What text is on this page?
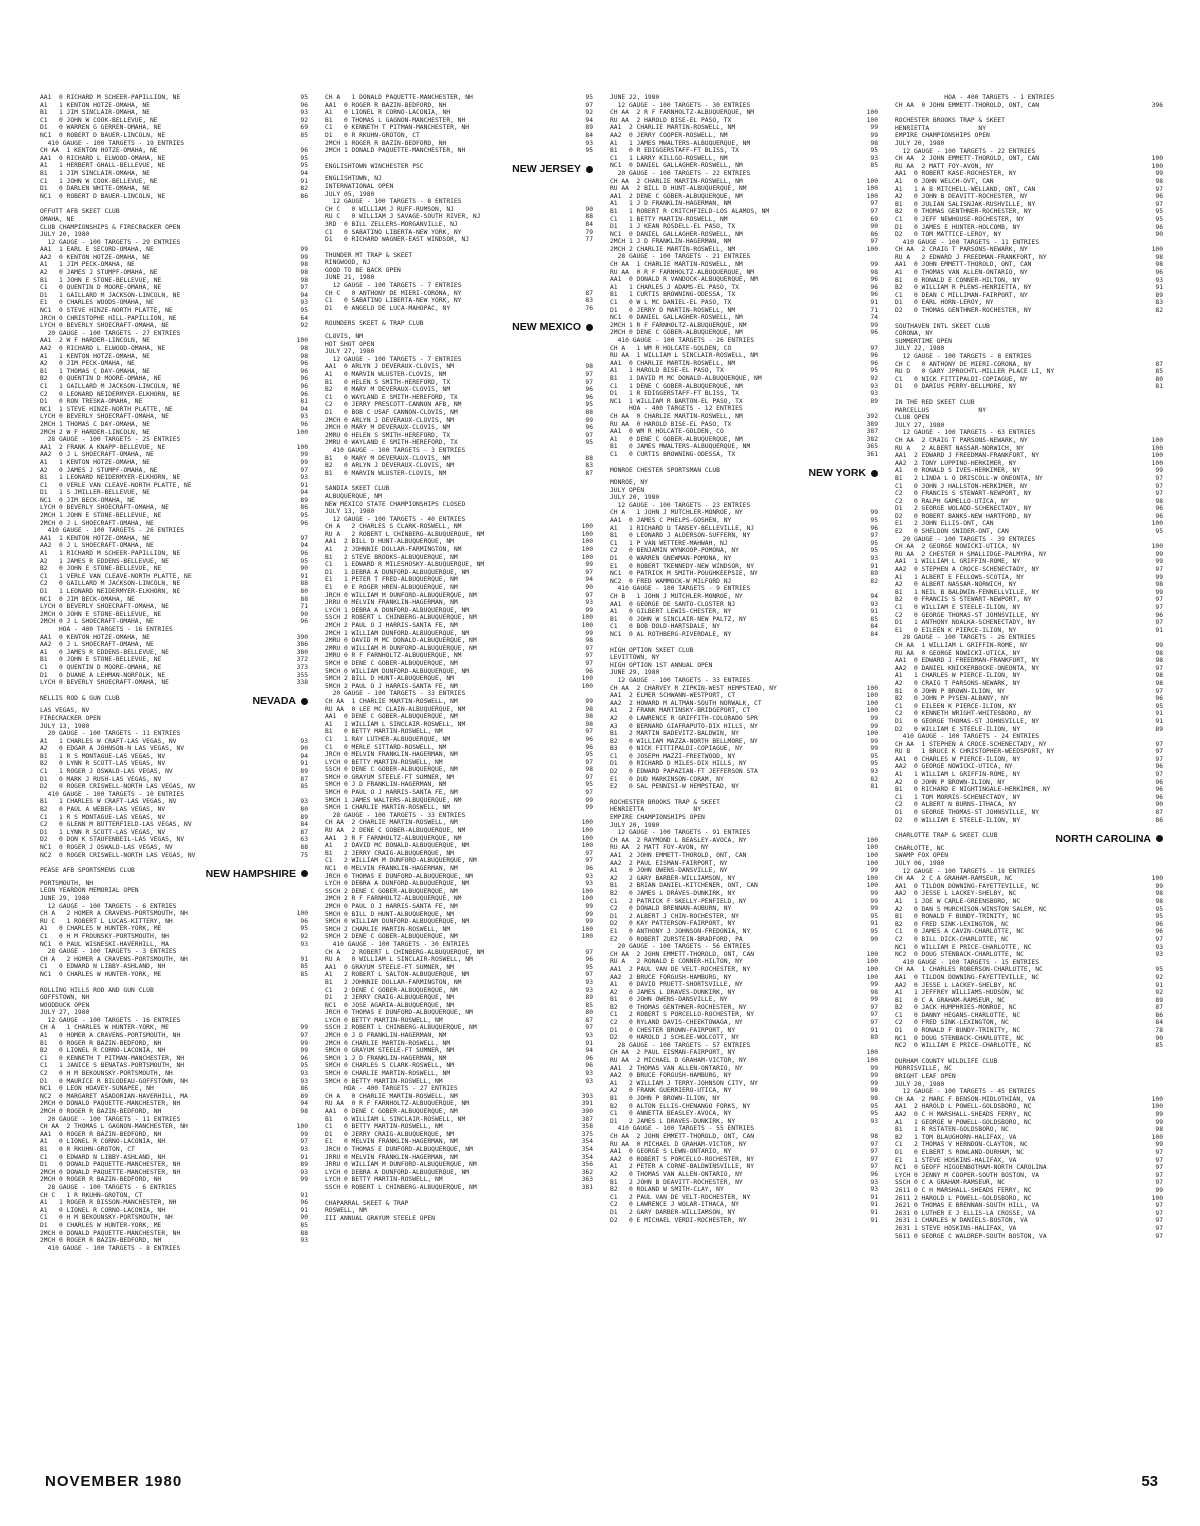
AA1  0 RICHARD M SCHEER-PAPILLION, NE	95
A1   1 KENTON HOTZE-OMAHA, NE	96
B1   1 JIM SINCLAIR-OMAHA, NE	93
C1   0 JOHN W COOK-BELLEVUE, NE	92
D1   0 WARREN G GERREN-OMAHA, NE	69
NC1  0 ROBERT D BAUER-LINCOLN, NE	85
410 GAUGE - 100 TARGETS - 19 ENTRIES
CH AA  1 KENTON HOTZE-OMAHA, NE	96
AA1  0 RICHARD L ELWOOD-OMAHA, NE	95
A1   1 HERBERT GHALL-BELLEVUE, NE	95
B1   1 JIM SINCLAIR-OMAHA, NE	94
C1   1 JOHN W COOK-BELLEVUE, NE	91
D1   0 DARLEN WHITE-OMAHA, NE	82
NC1  0 ROBERT D BAUER-LINCOLN, NE	86
OFFUTT AFB SKEET CLUB
OMAHA, NE
CLUB CHAMPIONSHIPS & FIRECRACKER OPEN
JULY 20, 1980
12 GAUGE - 100 TARGETS - 29 ENTRIES
AA1  1 EARL E SECORD-OMAHA, NE	99
AA2  0 KENTON HOTZE-OMAHA, NE	99
A1   1 JIM PECK-OMAHA, NE	98
A2   0 JAMES J STUMPF-OMAHA, NE	98
B1   1 JOHN E STONE-BELLEVUE, NE	98
C1   0 QUENTIN D MOORE-OMAHA, NE	97
D1   1 GAILLARD M JACKSON-LINCOLN, NE	94
E1   0 CHARLES WOODS-OMAHA, NE	93
NC1  0 STEVE HINZE-NORTH PLATTE, NE	95
JRCH 0 CHRISTOPHE HILL-PAPILLION, NE	64
LYCH 0 BEVERLY SHOECRAFT-OMAHA, NE	92
20 GAUGE - 100 TARGETS - 27 ENTRIES
AA1  2 W F HARDER-LINCOLN, NE	100
AA2  0 RICHARD L ELWOOD-OMAHA, NE	98
A1   1 KENTON HOTZE-OMAHA, NE	98
A2   0 JIM PECK-OMAHA, NE	96
B1   1 THOMAS C DAY-OMAHA, NE	96
B2   0 QUENTIN D MOORE-OMAHA, NE	96
C1   1 GAILLARD M JACKSON-LINCOLN, NE	96
C2   0 LEONARD NEIDERMYER-ELKHORN, NE	96
D1   0 RON TRESKA-OMAHA, NE	81
NC1  1 STEVE HINZE-NORTH PLATTE, NE	94
LYCH 0 BEVERLY SHOECRAFT-OMAHA, NE	93
2MCH 1 THOMAS C DAY-OMAHA, NE	96
2MCH 2 W F HARDER-LINCOLN, NE	100
28 GAUGE - 100 TARGETS - 25 ENTRIES
AA1  2 FRANK A KNAPP-BELLEVUE, NE	100
AA2  0 J L SHOECRAFT-OMAHA, NE	99
A1   1 KENTON HOTZE-OMAHA, NE	99
A2   0 JAMES J STUMPF-OMAHA, NE	97
B1   1 LEONARD NEIDERMYER-ELKHORN, NE	93
C1   0 VERLE VAN CLEAVE-NORTH PLATTE, NE	91
D1   1 S JMILLER-BELLEVUE, NE	94
NC1  0 JIM BECK-OMAHA, NE	89
LYCH 0 BEVERLY SHOECRAFT-OMAHA, NE	86
2MCH 1 JOHN E STONE-BELLEVUE, NE	95
2MCH 0 J L SHOECRAFT-OMAHA, NE	96
410 GAUGE - 100 TARGETS - 26 ENTRIES
AA1  1 KENTON HOTZE-OMAHA, NE	97
AA2  0 J L SHOECRAFT-OMAHA, NE	94
A1   1 RICHARD M SCHEER-PAPILLION, NE	96
A2   1 JAMES R EDDENS-BELLEVUE, NE	95
B2   0 JOHN E STONE-BELLEVUE, NE	90
C1   1 VERLE VAN CLEAVE-NORTH PLATTE, NE	91
C2   0 GAILLARD M JACKSON-LINCOLN, NE	88
D1   1 LEONARD NEIDERMYER-ELKHORN, NE	80
NC1  0 JIM BECK-OMAHA, NE	88
LYCH 0 BEVERLY SHOECRAFT-OMAHA, NE	71
2MCH 0 JOHN E STONE-BELLEVUE, NE	90
2MCH 0 J L SHOECRAFT-OMAHA, NE	96
HOA - 400 TARGETS - 16 ENTRIES
AA1  0 KENTON HOTZE-OMAHA, NE	390
AA2  0 J L SHOECRAFT-OMAHA, NE	386
A1   0 JAMES R EDDENS-BELLEVUE, NE	380
B1   0 JOHN E STONE-BELLEVUE, NE	372
C1   0 QUENTIN D MOORE-OMAHA, NE	373
D1   0 DUANE A LEHMAN-NORFOLK, NE	355
LYCH 0 BEVERLY SHOECRAFT-OMAHA, NE	338
NELLIS ROD & GUN CLUB	NEVADA
LAS VEGAS, NV
FIRECRACKER OPEN
JULY 13, 1980
20 GAUGE - 100 TARGETS - 11 ENTRIES
A1   1 CHARLES W CRAFT-LAS VEGAS, NV	93
A2   0 EDGAR A JOHNSON-N LAS VEGAS, NV	90
B1   1 R S MONTAGUE-LAS VEGAS, NV	94
B2   0 LYNN R SCOTT-LAS VEGAS, NV	91
C1   1 ROGER J OSWALD-LAS VEGAS, NV	89
D1   0 MARK J RUSH-LAS VEGAS, NV	87
D2   0 ROGER CRISWELL-NORTH LAS VEGAS, NV	85
410 GAUGE - 100 TARGETS - 10 ENTRIES
B1   1 CHARLES W CRAFT-LAS VEGAS, NV	93
B2   0 PAUL A WEBER-LAS VEGAS, NV	80
C1   1 R S MONTAGUE-LAS VEGAS, NV	89
C2   0 GLENN M BUTTERFIELD-LAS VEGAS, NV	84
D1   1 LYNN R SCOTT-LAS VEGAS, NV	87
D2   0 DON K STAUFENBEIL-LAS VEGAS, NV	63
NC1  0 ROGER J OSWALD-LAS VEGAS, NV	88
NC2  0 ROGER CRISWELL-NORTH LAS VEGAS, NV	75
PEASE AFB SPORTSMENS CLUB	NEW HAMPSHIRE
PORTSMOUTH, NH
LEON YEARDON MEMORIAL OPEN
JUNE 29, 1980
12 GAUGE - 100 TARGETS - 6 ENTRIES
CH A   2 HOMER A CRAVENS-PORTSMOUTH, NH	100
RU C   1 ROBERT L LUCAS-KITTERY, NH	96
A1   0 CHARLES W HUNTER-YORK, ME	95
C1   0 H M FROUNSKY-PORTSMOUTH, NH	92
NC1  0 PAUL WISNESKI-HAVERHILL, MA	93
28 GAUGE - 100 TARGETS - 3 ENTRIES
CH A   2 HOMER A CRAVENS-PORTSMOUTH, NH	91
C1   0 EDWARD N LIBBY-ASHLAND, NH	85
NC1  0 CHARLES W HUNTER-YORK, ME	85
ROLLING HILLS ROD AND GUN CLUB
GOFFSTOWN, NH
WOODDUCK OPEN
JULY 27, 1980
12 GAUGE - 100 TARGETS - 16 ENTRIES
CH A   1 CHARLES W HUNTER-YORK, ME	99
A1   0 HOMER A CRAVENS-PORTSMOUTH, NH	97
B1   0 ROGER R BAZIN-BEDFORD, NH	99
B2   0 LIONEL R CORNO-LACONIA, NH	99
C1   0 KENNETH T PITMAN-MANCHESTER, NH	96
C1   1 JANICE S BENATAS-PORTSMOUTH, NH	95
C2   0 H M BEKOUNSKY-PORTSMOUTH, NH	93
D1   0 MAURICE R BILODEAU-GOFFSTOWN, NH	93
NC1  0 LEON HOAVEY-SUNAPEE, NH	86
NC2  0 MARGARET ASADORIAN-HAVERHILL, MA	89
2MCH 0 DONALD PAQUETTE-MANCHESTER, NH	94
2MCH 0 ROGER R BAZIN-BEDFORD, NH	98
20 GAUGE - 100 TARGETS - 11 ENTRIES
CH AA  2 THOMAS L GAGNON-MANCHESTER, NH	100
AA1  0 ROGER R BAZIN-BEDFORD, NH	99
A1   0 LIONEL R CORNO-LACONIA, NH	97
B1   0 R RKUHN-GROTON, CT	93
C1   0 EDWARD N LIBBY-ASHLAND, NH	91
D1   0 DONALD PAQUETTE-MANCHESTER, NH	89
2MCH 0 DONALD PAQUETTE-MANCHESTER, NH	93
2MCH 0 ROGER R BAZIN-BEDFORD, NH	99
28 GAUGE - 100 TARGETS - 6 ENTRIES
CH C   1 R RKUHN-GROTON, CT	91
A1   1 ROGER R BISSON-MANCHESTER, NH	96
A1   0 LIONEL R CORNO-LACONIA, NH	91
C1   0 H M BEKOUNSKY-PORTSMOUTH, NH	90
D1   0 CHARLES W HUNTER-YORK, ME	85
2MCH 0 DONALD PAQUETTE-MANCHESTER, NH	88
2MCH 0 ROGER R BAZIN-BEDFORD, NH	93
410 GAUGE - 100 TARGETS - 8 ENTRIES
CH A   1 DONALD PAQUETTE-MANCHESTER, NH	95
AA1  0 ROGER R BAZIN-BEDFORD, NH	97
A1   0 LIONEL R CORNO-LACONIA, NH	92
B1   0 THOMAS L GAGNON-MANCHESTER, NH	94
C1   0 KENNETH T PITMAN-MANCHESTER, NH	89
D1   0 R RKUHN-GROTON, CT	84
2MCH 1 ROGER R BAZIN-BEDFORD, NH	93
2MCH 1 DONALD PAQUETTE-MANCHESTER, NH	95
ENGLISHTOWN WINCHESTER PSC	NEW JERSEY
ENGLISHTOWN, NJ
INTERNATIONAL OPEN
JULY 05, 1980
12 GAUGE - 100 TARGETS - 8 ENTRIES
CH C   0 WILLIAM J RUFF-RUMSON, NJ	90
RU C   0 WILLIAM J SAVAGE-SOUTH RIVER, NJ	88
3RD  0 BILL ZELLERS-MORGANVILLE, NJ	84
C1   0 SABATINO LIBERTA-NEW YORK, NY	79
D1   0 RICHARD WAGNER-EAST WINDSOR, NJ	77
THUNDER MT TRAP & SKEET
RINGWOOD, NJ
GOOD TO BE BACK OPEN
JUNE 21, 1980
12 GAUGE - 100 TARGETS - 7 ENTRIES
CH C   0 ANTHONY DE MIERI-CORONA, NY	87
C1   0 SABATINO LIBERTA-NEW YORK, NY	83
D1   0 ANGELO DE LUCA-MAHOPAC, NY	76
ROUNDERS SKEET & TRAP CLUB	NEW MEXICO
CLOVIS, NM
HOT SHOT OPEN
JULY 27, 1980
12 GAUGE - 100 TARGETS - 7 ENTRIES
AA1  0 ARLYN J DEVERAUX-CLOVIS, NM	98
A1   0 MARVIN WLUSTER-CLOVIS, NM	97
B1   0 HELEN S SMITH-HEREFORD, TX	97
B2   0 MARY M DEVERAUX-CLOVIS, NM	96
C1   0 WAYLAND E SMITH-HEREFORD, TX	96
C2   0 JERRY PRESCOTT-CANNON AFB, NM	95
D1   0 BOB C USAF CANNON-CLOVIS, NM	88
2MCH 0 ARLYN J DEVERAUX-CLOVIS, NM	99
2MCH 0 MARY M DEVERAUX-CLOVIS, NM	96
2MRU 0 HELEN S SMITH-HEREFORD, TX	97
2MRU 0 WAYLAND E SMITH-HEREFORD, TX	95
410 GAUGE - 100 TARGETS - 3 ENTRIES
B1   0 MARY M DEVERAUX-CLOVIS, NM	88
B2   0 ARLYN J DEVERAUX-CLOVIS, NM	83
B1   0 MARVIN WLUSTER-CLOVIS, NM	87
SANDIA SKEET CLUB
ALBUQUERQUE, NM
NEW MEXICO STATE CHAMPIONSHIPS CLOSED
JULY 13, 1980
12 GAUGE - 100 TARGETS - 40 ENTRIES
CH A   2 CHARLES S CLARK-ROSWELL, NM	100
RU A   2 ROBERT L CHINBERG-ALBUQUERQUE, NM	100
AA1  2 BILL D HUNT-ALBUQUERQUE, NM	100
A1   2 JOHNNIE DOLLAR-FARMINGTON, NM	100
B1   2 STEVE BROOKS-ALBUQUERQUE, NM	100
C1   1 EDWARD R MILESHOSKY-ALBUQUERQUE, NM	99
D1   1 DEBRA A DUNFORD-ALBUQUERQUE, NM	97
E1   1 PETER T FRED-ALBUQUERQUE, NM	94
E1   0 E ROGER HREN-ALBUQUERQUE, NM	90
JRCH 0 WILLIAM M DUNFORD-ALBUQUERQUE, NM	97
JRRU 0 MELVIN FRANKLIN-HAGERMAN, NM	93
LYCH 1 DEBRA A DUNFORD-ALBUQUERQUE, NM	99
SSCH 2 ROBERT L CHINBERG-ALBUQUERQUE, NM	100
2MCH 2 PAUL O J HARRIS-SANTA FE, NM	100
2MCH 1 WILLIAM DUNFORD-ALBUQUERQUE, NM	99
2MRU 0 DAVID M MC DONALD-ALBUQUERQUE, NM	98
2MRU 0 WILLIAM M DUNFORD-ALBUQUERQUE, NM	97
2MRU 0 R F FARNHOLTZ-ALBUQUERQUE, NM	97
5MCH 0 DENE C GOBER-ALBUQUERQUE, NM	97
5MCH 0 WILLIAM DUNFORD-ALBUQUERQUE, NM	96
5MCH 2 BILL D HUNT-ALBUQUERQUE, NM	100
5MCH 2 PAUL O J HARRIS-SANTA FE, NM	100
20 GAUGE - 100 TARGETS - 33 ENTRIES
CH AA  1 CHARLIE MARTIN-ROSWELL, NM	99
RU AA  0 LEE MC CLAIN-ALBUQUERQUE, NM	98
AA1  0 DENE C GOBER-ALBUQUERQUE, NM	98
A1   1 WILLIAM L SINCLAIR-ROSWELL, NM	98
B1   0 BETTY MARTIN-ROSWELL, NM	97
C1   1 RAY LUTHER-ALBUQUERQUE, NM	96
C1   0 MERLE SITTARD-ROSWELL, NM	96
JRCH 0 MELVIN FRANKLIN-HAGERMAN, NM	95
LYCH 0 BETTY MARTIN-ROSWELL, NM	97
SSCH 0 DENE C GOBER-ALBUQUERQUE, NM	98
5MCH 0 GRAYUM STEELE-FT SUMNER, NM	97
5MCH 0 J D FRANKLIN-HAGERMAN, NM	95
5MCH 0 PAUL O J HARRIS-SANTA FE, NM	97
5MCH 1 JAMES WALTERS-ALBUQUERQUE, NM	99
5MCH 1 CHARLIE MARTIN-ROSWELL, NM	99
28 GAUGE - 100 TARGETS - 33 ENTRIES
CH AA  2 CHARLIE MARTIN-ROSWELL, NM	100
RU AA  2 DENE C GOBER-ALBUQUERQUE, NM	100
AA1  2 R F FARNHOLTZ-ALBUQUERQUE, NM	100
A1   2 DAVID MC DONALD-ALBUQUERQUE, NM	100
B1   2 JERRY CRAIG-ALBUQUERQUE, NM	97
C1   2 WILLIAM M DUNFORD-ALBUQUERQUE, NM	97
NC1  0 MELVIN FRANKLIN-HAGERMAN, NM	96
JRCH 0 THOMAS E DUNFORD-ALBUQUERQUE, NM	93
LYCH 0 DEBRA A DUNFORD-ALBUQUERQUE, NM	93
SSCH 2 DENE C GOBER-ALBUQUERQUE, NM	100
2MCH 2 R F FARNHOLTZ-ALBUQUERQUE, NM	100
2MCH 0 PAUL O J HARRIS-SANTA FE, NM	99
5MCH 0 BILL D HUNT-ALBUQUERQUE, NM	99
5MCH 0 WILLIAM DUNFORD-ALBUQUERQUE, NM	99
5MCH 2 CHARLIE MARTIN-ROSWELL, NM	100
5MCH 2 DENE C GOBER-ALBUQUERQUE, NM	100
410 GAUGE - 100 TARGETS - 30 ENTRIES
CH A   2 ROBERT L CHINBERG-ALBUQUERQUE, NM	97
RU A   0 WILLIAM L SINCLAIR-ROSWELL, NM	96
AA1  0 GRAYUM STEELE-FT SUMNER, NM	95
A1   2 ROBERT L SALTON-ALBUQUERQUE, NM	97
B1   2 JOHNNIE DOLLAR-FARMINGTON, NM	93
C1   2 DENE C GOBER-ALBUQUERQUE, NM	93
D1   2 JERRY CRAIG-ALBUQUERQUE, NM	89
NC1  0 JOSE AGARIA-ALBUQUERQUE, NM	85
JRCH 0 THOMAS E DUNFORD-ALBUQUERQUE, NM	80
LYCH 0 BETTY MARTIN-ROSWELL, NM	87
SSCH 2 ROBERT L CHINBERG-ALBUQUERQUE, NM	97
2MCH 0 J D FRANKLIN-HAGERMAN, NM	93
2MCH 0 CHARLIE MARTIN-ROSWELL, NM	91
5MCH 0 GRAYUM STEELE-FT SUMNER, NM	94
5MCH 1 J D FRANKLIN-HAGERMAN, NM	96
5MCH 0 CHARLES S CLARK-ROSWELL, NM	96
5MCH 0 CHARLIE MARTIN-ROSWELL, NM	93
5MCH 0 BETTY MARTIN-ROSWELL, NM	93
HOA - 400 TARGETS - 27 ENTRIES
CH A   0 CHARLIE MARTIN-ROSWELL, NM	393
RU AA  0 R F FARNHOLTZ-ALBUQUERQUE, NM	391
AA1  0 DENE C GOBER-ALBUQUERQUE, NM	390
B1   0 WILLIAM L SINCLAIR-ROSWELL, NM	387
C1   0 BETTY MARTIN-ROSWELL, NM	358
D1   0 JERRY CRAIG-ALBUQUERQUE, NM	375
E1   0 MELVIN FRANKLIN-HAGERMAN, NM	354
JRCH 0 THOMAS E DUNFORD-ALBUQUERQUE, NM	354
JRRU 0 MELVIN FRANKLIN-HAGERMAN, NM	354
JRRU 0 WILLIAM M DUNFORD-ALBUQUERQUE, NM	356
LYCH 0 DEBRA A DUNFORD-ALBUQUERQUE, NM	362
LYCH 0 BETTY MARTIN-ROSWELL, NM	363
SSCH 0 ROBERT L CHINBERG-ALBUQUERQUE, NM	381
CHAPARRAL SKEET & TRAP
ROSWELL, NM
III ANNUAL GRAYUM STEELE OPEN
JUNE 22, 1980
12 GAUGE - 100 TARGETS - 30 ENTRIES
CH AA  2 R F FARNHOLTZ-ALBUQUERQUE, NM	100
RU AA  2 HAROLD BISE-EL PASO, TX	100
AA1  2 CHARLIE MARTIN-ROSWELL, NM	99
AA2  0 JERRY COOPER-ROSWELL, NM	99
A1   1 JAMES MWALTERS-ALBUQUERQUE, NM	98
B1   0 R EDIGGERSTAFF-FT BLISS, TX	95
C1   1 LARRY KILLGO-ROSWELL, NM	93
NC1  0 DANIEL GALLAGHER-ROSWELL, NM	85
20 GAUGE - 100 TARGETS - 22 ENTRIES
CH AA  2 CHARLIE MARTIN-ROSWELL, NM	100
RU AA  2 BILL D HUNT-ALBUQUERQUE, NM	100
AA1  2 DENE C GOBER-ALBUQUERQUE, NM	100
A1   1 J D FRANKLIN-HAGERMAN, NM	97
B1   1 ROBERT R CRITCHFIELD-LOS ALAMOS, NM	97
C1   1 BETTY MARTIN-ROSWELL, NM	69
D1   1 J KEAN ROSDELL-EL PASO, TX	90
NC1  0 DANIEL GALLAGHER-ROSWELL, NM	86
2MCH 1 J D FRANKLIN-HAGERMAN, NM	97
2MCH 2 CHARLIE MARTIN-ROSWELL, NM	100
28 GAUGE - 100 TARGETS - 21 ENTRIES
CH AA  1 CHARLIE MARTIN-ROSWELL, NM	99
RU AA  0 R F FARNHOLTZ-ALBUQUERQUE, NM	98
AA1  0 DONALD R VANDOCK-ALBUQUERQUE, NM	96
A1   1 CHARLES J ADAMS-EL PASO, TX	96
B1   1 CURTIS BROWNING-ODESSA, TX	96
C1   0 W L MC DANIEL-EL PASO, TX	91
D1   0 JERRY D MARTIN-ROSWELL, NM	71
NC1  0 DANIEL GALLAGHER-ROSWELL, NM	74
2MCH 1 R F FARNHOLTZ-ALBUQUERQUE, NM	99
2MCH 0 DENE C GOBER-ALBUQUERQUE, NM	96
410 GAUGE - 100 TARGETS - 26 ENTRIES
CH A   1 WM R HOLCATE-GOLDEN, CO	97
RU AA  1 WILLIAM L SINCLAIR-ROSWELL, NM	96
AA1  0 CHARLIE MARTIN-ROSWELL, NM	96
A1   1 HAROLD BISE-EL PASO, TX	95
B1   1 DAVID M MC DONALD-ALBUQUERQUE, NM	92
C1   1 DENE C GOBER-ALBUQUERQUE, NM	93
D1   1 R EDIGGERSTAFF-FT BLISS, TX	93
NC1  1 WILLIAM R BARTON-EL PASO, TX	89
HOA - 400 TARGETS - 12 ENTRIES
CH AA  0 CHARLIE MARTIN-ROSWELL, NM	392
RU AA  0 HAROLD BISE-EL PASO, TX	389
AA1  0 WM R HOLCATE-GOLDEN, CO	387
A1   0 DENE C GOBER-ALBUQUERQUE, NM	382
B1   0 JAMES MWALTERS-ALBUQUERQUE, NM	365
C1   0 CURTIS BROWNING-ODESSA, TX	361
MONROE CHESTER SPORTSMAN CLUB	NEW YORK
MONROE, NY
JULY OPEN
JULY 20, 1980
12 GAUGE - 100 TARGETS - 23 ENTRIES
CH A   1 JOHN J MUTCHLER-MONROE, NY	99
AA1  0 JAMES C PHELPS-GOSHEN, NY	95
A1   1 RICHARD U TANSEY-BELLEVILLE, NJ	96
B1   0 LEONARD J ALDERSON-SUFFERN, NY	97
C1   1 P VAN WETTERE-MAHWAH, NJ	95
C2   0 BENJAMIN WYNKOOP-POMONA, NY	95
D1   0 WARREN GNEWMAN-POMONA, NY	93
E1   0 ROBERT TKENNEDY-NEW WINDSOR, NY	91
NC1  0 PATRICK M SMITH-POUGHKEEPSIE, NY	89
NC2  0 FRED WAMMOCK-W MILFORD NJ	82
410 GAUGE - 100 TARGETS - 9 ENTRIES
CH B   1 JOHN J MUTCHLER-MONROE, NY	94
AA1  0 GEORGE DE SANTO-CLOSTER NJ	93
A1   0 GILBERT LEWIS-CHESTER, NY	91
B1   0 JOHN W SINCLAIR-NEW PALTZ, NY	85
C1   0 BOB DOLD-HARTSDALE, NY	84
NC1  0 AL ROTHBERG-RIVERDALE, NY	84
HIGH OPTION SKEET CLUB
LEVITTOWN, NY
HIGH OPTION 1ST ANNUAL OPEN
JUNE 29, 1980
12 GAUGE - 100 TARGETS - 33 ENTRIES
CH AA  2 CHARVEY R ZIPKIN-WEST HEMPSTEAD, NY	100
AA1  2 ELMER SCHWANN-WESTPORT, CT	100
AA2  2 HOWARD M ALTMAN-SOUTH NORWALK, CT	100
A1   2 FRANK MARTINSKY-BRIDGEPORT, CT	100
A2   0 LAWRENCE R GRIFFITH-COLORADO SPR	99
A3   0 BERNARD GIAFRAPUTO-DIX HILLS, NY	99
B1   2 MARTIN BADEVITZ-BALDWIN, NY	100
B2   0 WILLIAM MAZZA-NORTH BELLMORE, NY	99
B3   0 NICK FITTIPALDI-COPIAGUE, NY	99
C1   0 JOSEPH MAZZI-FREETWOOD, NY	95
D1   0 RICHARD D MILES-DIX HILLS, NY	95
D2   0 EDWARD PAPAZIAN-FT JEFFERSON STA	93
E1   0 DUD MARKINSON-CORAM, NY	82
E2   0 SAL PENNISI-W HEMPSTEAD, NY	81
ROCHESTER BROOKS TRAP & SKEET
HENRIETTA             NY
EMPIRE CHAMPIONSHIPS OPEN
JULY 20, 1980
12 GAUGE - 100 TARGETS - 91 ENTRIES
CH AA  2 RAYMOND L BEASLEY-AVOCA, NY	100
RU AA  2 MATT FOY-AVON, NY	100
AA1  2 JOHN EMMETT-THOROLD, ONT, CAN	100
AA2  2 PAUL EISMAN-FAIRPORT, NY	100
A1   0 JOHN OWENS-DANSVILLE, NY	99
A2   2 GARY BARBER-WILLIAMSON, NY	100
B1   2 BRIAN DANIEL-KITCHENER, ONT, CAN	100
B2   0 JAMES L DRAVES-DUNKIRK, NY	99
C1   2 PATRICK F SKELLY-PENFIELD, NY	99
C2   0 DONALD BRENNAN-AUBURN, NY	99
D1   2 ALBERT J CHIN-ROCHESTER, NY	95
D2   0 KAY PATTERSON-FAIRPORT, NY	91
E1   0 ANTHONY J JOHNSON-FREDONIA, NY	95
E2   0 ROBERT ZURSTEIN-BRADFORD, PA	90
20 GAUGE - 100 TARGETS - 56 ENTRIES
CH AA  2 JOHN EMMETT-THOROLD, ONT, CAN	100
RU A   2 RONALD E CONNER-HILTON, NY	100
AA1  2 PAUL VAN DE VELT-ROCHESTER, NY	100
AA2  2 BRUCE FORGUSH-HAMBURG, NY	100
A1   0 DAVID PRUETT-SHORTSVILLE, NY	99
A2   0 JAMES L DRAVES-DUNKIRK, NY	98
B1   0 JOHN OWENS-DANSVILLE, NY	99
B2   0 THOMAS GENTHNER-ROCHESTER, NY	97
C1   2 ROBERT S PORCELLO-ROCHESTER, NY	97
C2   0 RYLAND DAVIS-CHEEKTOWAGA, NY	97
D1   0 CHESTER BROWN-FAIRPORT, NY	91
D2   0 HAROLD J SCHLEE-WOLCOTT, NY	89
28 GAUGE - 100 TARGETS - 57 ENTRIES
CH AA  2 PAUL EISMAN-FAIRPORT, NY	100
RU AA  2 MICHAEL D GRAHAM-VICTOR, NY	100
AA1  2 THOMAS VAN ALLEN-ONTARIO, NY	99
AA2  0 BRUCE FORGUSH-HAMBURG, NY	99
A1   2 WILLIAM J TERRY-JOHNSON CITY, NY	99
A2   0 FRANK GUERRIERO-UTICA, NY	98
B1   0 JOHN P BROWN-ILION, NY	98
B2   0 ALTON ELLIS-CHENANGO FORKS, NY	95
C1   0 ANNETTA BEASLEY-AVOCA, NY	95
D1   2 JAMES L DRAVES-DUNKIRK, NY	93
410 GAUGE - 100 TARGETS - 55 ENTRIES
CH AA  2 JOHN EMMETT-THOROLD, ONT, CAN	98
RU AA  0 MICHAEL D GRAHAM-VICTOR, NY	97
AA1  0 GEORGE S LEWN-ONTARIO, NY	97
AA2  0 ROBERT S PORCELLO-ROCHESTER, NY	97
A1   2 PETER A CORNE-BALDWINSVILLE, NY	97
A2   0 THOMAS VAN ALLEN-ONTARIO, NY	96
B1   2 JOHN B DEAVITT-ROCHESTER, NY	93
B2   0 ROLAND W SMITH-CLAY, NY	93
C1   2 PAUL VAN DE VELT-ROCHESTER, NY	91
C2   0 LAWRENCE J WOLAR-ITHACA, NY	91
D1   2 GARY DARBER-WILLIAMSON, NY	91
D2   0 E MICHAEL VERDI-ROCHESTER, NY	91
HOA - 400 TARGETS - 1 ENTRIES
CH AA  0 JOHN EMMETT-THOROLD, ONT, CAN	396
ROCHESTER BROOKS TRAP & SKEET
HENRIETTA             NY
EMPIRE CHAMPIONSHIPS OPEN
JULY 20, 1980
12 GAUGE - 100 TARGETS - 22 ENTRIES
CH AA  2 JOHN EMMETT-THOROLD, ONT, CAN	100
RU AA  2 MATT FOY-AVON, NY	100
AA1  0 ROBERT KASE-ROCHESTER, NY	99
A1   0 JOHN WELCH-OVT, CAN	98
A1   1 A B MITCHELL-WELLAND, ONT, CAN	97
A2   0 JOHN B DEAVITT-ROCHESTER, NY	96
B1   0 JULIAN SALISNJAK-RUSHVILLE, NY	97
B2   0 THOMAS GENTHNER-ROCHESTER, NY	95
C1   0 JEFF NEWHOUSE-ROCHESTER, NY	95
D1   0 JAMES E HUNTER-HOLCOMB, NY	96
D2   0 TOM MATTICE-LEROY, NY	90
410 GAUGE - 100 TARGETS - 11 ENTRIES
CH AA  2 CRAIG T PARSONS-NEWARK, NY	100
RU A   2 EDWARD J FREEDMAN-FRANKFORT, NY	98
AA1  0 JOHN EMMETT-THOROLD, ONT, CAN	98
A1   0 THOMAS VAN ALLEN-ONTARIO, NY	96
B1   0 RONALD E CONNER-HILTON, NY	93
B2   0 WILLIAM R PLEWS-HENRIETTA, NY	91
C1   0 DEAN C MILLIMAN-FAIRPORT, NY	89
D1   0 EARL HORN-LEROY, NY	83
D2   0 THOMAS GENTHNER-ROCHESTER, NY	82
SOUTHAVEN INTL SKEET CLUB
CORONA, NY
SUMMERTIME OPEN
JULY 22, 1980
12 GAUGE - 100 TARGETS - 8 ENTRIES
CH C   0 ANTHONY DE MIERI-CORONA, NY	87
RU D   0 GARY JPROCHTL-MILLER PLACE LI, NY	85
C1   0 NICK FITTIPALDI-COPIAGUE, NY	80
D1   0 DARIUS PERRY-BELLMORE, NY	81
IN THE RED SKEET CLUB
MARCELLUS             NY
CLUB OPEN
JULY 27, 1980
12 GAUGE - 100 TARGETS - 63 ENTRIES
CH AA  2 CRAIG T PARSONS-NEWARK, NY	100
RU A   2 ALBERT NASSAR-NORWICH, NY	100
AA1  2 EDWARD J FREEDMAN-FRANKFORT, NY	100
AA2  2 TONY LUPPINO-HERKIMER, NY	100
A1   0 RONALD S IVES-HERKIMER, NY	99
B1   2 LINDA L O DRISCOLL-W ONEONTA, NY	97
C1   0 JOHN J HALLSTON-HERKIMER, NY	97
C2   0 FRANCIS S STEWART-NEWPORT, NY	97
C2   0 RALPH GAMELLO-UTICA, NY	98
D1   2 GEORGE WOLADD-SCHENECTADY, NY	96
D2   0 ROBERT BANKS-NEW HARTFORD, NY	96
E1   2 JOHN ELLIS-ONT, CAN	100
E2   0 SHELDON SNIDER-ONT, CAN	95
20 GAUGE - 100 TARGETS - 39 ENTRIES
CH AA  2 GEORGE NOWICKI-UTICA, NY	100
RU AA  2 CHESTER H SMALLIDGE-PALMYRA, NY	99
AA1  1 WILLIAM L GRIFFIN-ROME, NY	99
AA2  0 STEPHEN A CROCE-SCHENECTADY, NY	97
A1   1 ALBERT E FELLOWS-SCOTIA, NY	99
A2   0 ALBERT NASSAR-NORWICH, NY	98
B1   1 NEIL B BALDWIN-FENNELLVILLE, NY	99
B2   0 FRANCIS S STEWART-NEWPORT, NY	97
C1   0 WILLIAM E STEELE-ILION, NY	97
C2   0 GEORGE THOMAS-ST JOHNSVILLE, NY	96
D1   1 ANTHONY NOALKA-SCHENECTADY, NY	97
E1   0 EILEEN K PIERCE-ILION, NY	91
28 GAUGE - 100 TARGETS - 26 ENTRIES
CH AA  1 WILLIAM L GRIFFIN-ROME, NY	99
RU AA  0 GEORGE NOWICKI-UTICA, NY	98
AA1  0 EDWARD J FREEDMAN-FRANKFORT, NY	98
AA2  0 DANIEL KNICKERBOCKE-ONEONTA, NY	97
A1   1 CHARLES W PIERCE-ILION, NY	98
A2   0 CRAIG T PARSONS-NEWARK, NY	98
B1   0 JOHN P BROWN-ILION, NY	97
B2   0 JOHN P PYSEN-ALBANY, NY	96
C1   0 EILEEN K PIERCE-ILION, NY	95
C2   0 KENNETH WRIGHT-WHITESBORO, NY	91
D1   0 GEORGE THOMAS-ST JOHNSVILLE, NY	91
D2   0 WILLIAM E STEELE-ILION, NY	89
410 GAUGE - 100 TARGETS - 24 ENTRIES
CH AA  1 STEPHEN A CROCE-SCHENECTADY, NY	97
RU B   1 BRUCE K CHRISTOPHER-WEEDSPORT, NY	97
AA1  0 CHARLES W PIERCE-ILION, NY	97
AA2  0 GEORGE NOWICKI-UTICA, NY	96
A1   1 WILLIAM L GRIFFIN-ROME, NY	97
A2   0 JOHN P BROWN-ILION, NY	96
B1   0 RICHARD E NIGHTINGALE-HERKIMER, NY	96
C1   1 TOM MORRIS-SCHENECTADY, NY	96
C2   0 ALBERT N BURNS-ITHACA, NY	90
D1   0 GEORGE THOMAS-ST JOHNSVILLE, NY	87
D2   0 WILLIAM E STEELE-ILION, NY	86
CHARLOTTE TRAP & SKEET CLUB	NORTH CAROLINA
CHARLOTTE, NC
SWAMP FOX OPEN
JULY 06, 1980
12 GAUGE - 100 TARGETS - 18 ENTRIES
CH AA  2 C A GRAHAM-RAMSEUR, NC	100
AA1  0 TILDON DOWNING-FAYETTEVILLE, NC	99
AA2  0 JESSE L LACKEY-SHELBY, NC	98
A1   1 JOE W CARLE-GREENSBORO, NC	98
A2   0 DAN S MURCHISON-WINSTON SALEM, NC	95
B1   0 RONALD F BUNDY-TRINITY, NC	95
B2   0 FRED SINK-LEXINGTON, NC	96
C1   0 JAMES A CAVIN-CHARLOTTE, NC	96
C2   0 BILL DICK-CHARLOTTE, NC	97
NC1  0 WILLIAM E PRICE-CHARLOTTE, NC	93
NC2  0 DOUG STENBACK-CHARLOTTE, NC	93
410 GAUGE - 100 TARGETS - 15 ENTRIES
CH AA  1 CHARLES ROBERSON-CHARLOTTE, NC	95
AA1  0 TILDON DOWNING-FAYETTEVILLE, NC	92
AA2  0 JESSE L LACKEY-SHELBY, NC	91
A1   1 JEFFREY WILLIAMS-HUDSON, NC	92
B1   0 C A GRAHAM-RAMSEUR, NC	89
B2   0 JACK HUMPHRIES-MONROE, NC	87
C1   0 DANNY HEGANS-CHARLOTTE, NC	86
C2   0 FRED SINK-LEXINGTON, NC	84
D1   0 RONALD F BUNDY-TRINITY, NC	78
NC1  0 DOUG STENBACK-CHARLOTTE, NC	90
NC2  0 WILLIAM E PRICE-CHARLOTTE, NC	85
DURHAM COUNTY WILDLIFE CLUB
MORRISVILLE, NC
BRIGHT LEAF OPEN
JULY 20, 1980
12 GAUGE - 100 TARGETS - 45 ENTRIES
CH AA  2 MARC F BENSON-MIDLOTHIAN, VA	100
AA1  2 HAROLD L POWELL-GOLDSBORO, NC	100
AA2  0 C H MARSHALL-SHEADS FERRY, NC	99
A1   1 GEORGE W POWELL-GOLDSBORO, NC	99
B1   1 R RSTATEN-GOLDSBORO, NC	98
B2   1 TOM BLAUGHORN-HALIFAX, VA	100
C1   2 THOMAS V HERNDON-CLAYTON, NC	99
D1   0 ELBERT S ROWLAND-DURHAM, NC	97
E1   1 STEVE HOSKINS-HALIFAX, VA	97
NC1  0 GEOFF HIGGENBOTHAM-NORTH CAROLINA	97
LYCH 0 JENNY M COOPER-SOUTH BOSTON, VA	97
SSCH 0 C A GRAHAM-RAMSEUR, NC	97
2611 0 C H MARSHALL-SHEADS FERRY, NC	99
2611 2 HAROLD L POWELL-GOLDSBORO, NC	100
2621 0 THOMAS E BRENNAN-SOUTH HILL, VA	97
2631 0 LUTHER E J ELLIS-LA CROSSE, VA	97
2631 1 CHARLES W DANIELS-BOSTON, VA	97
2631 1 STEVE HOSKINS-HALIFAX, VA	97
5611 0 GEORGE C WALDREP-SOUTH BOSTON, VA	97
NOVEMBER 1980	53
